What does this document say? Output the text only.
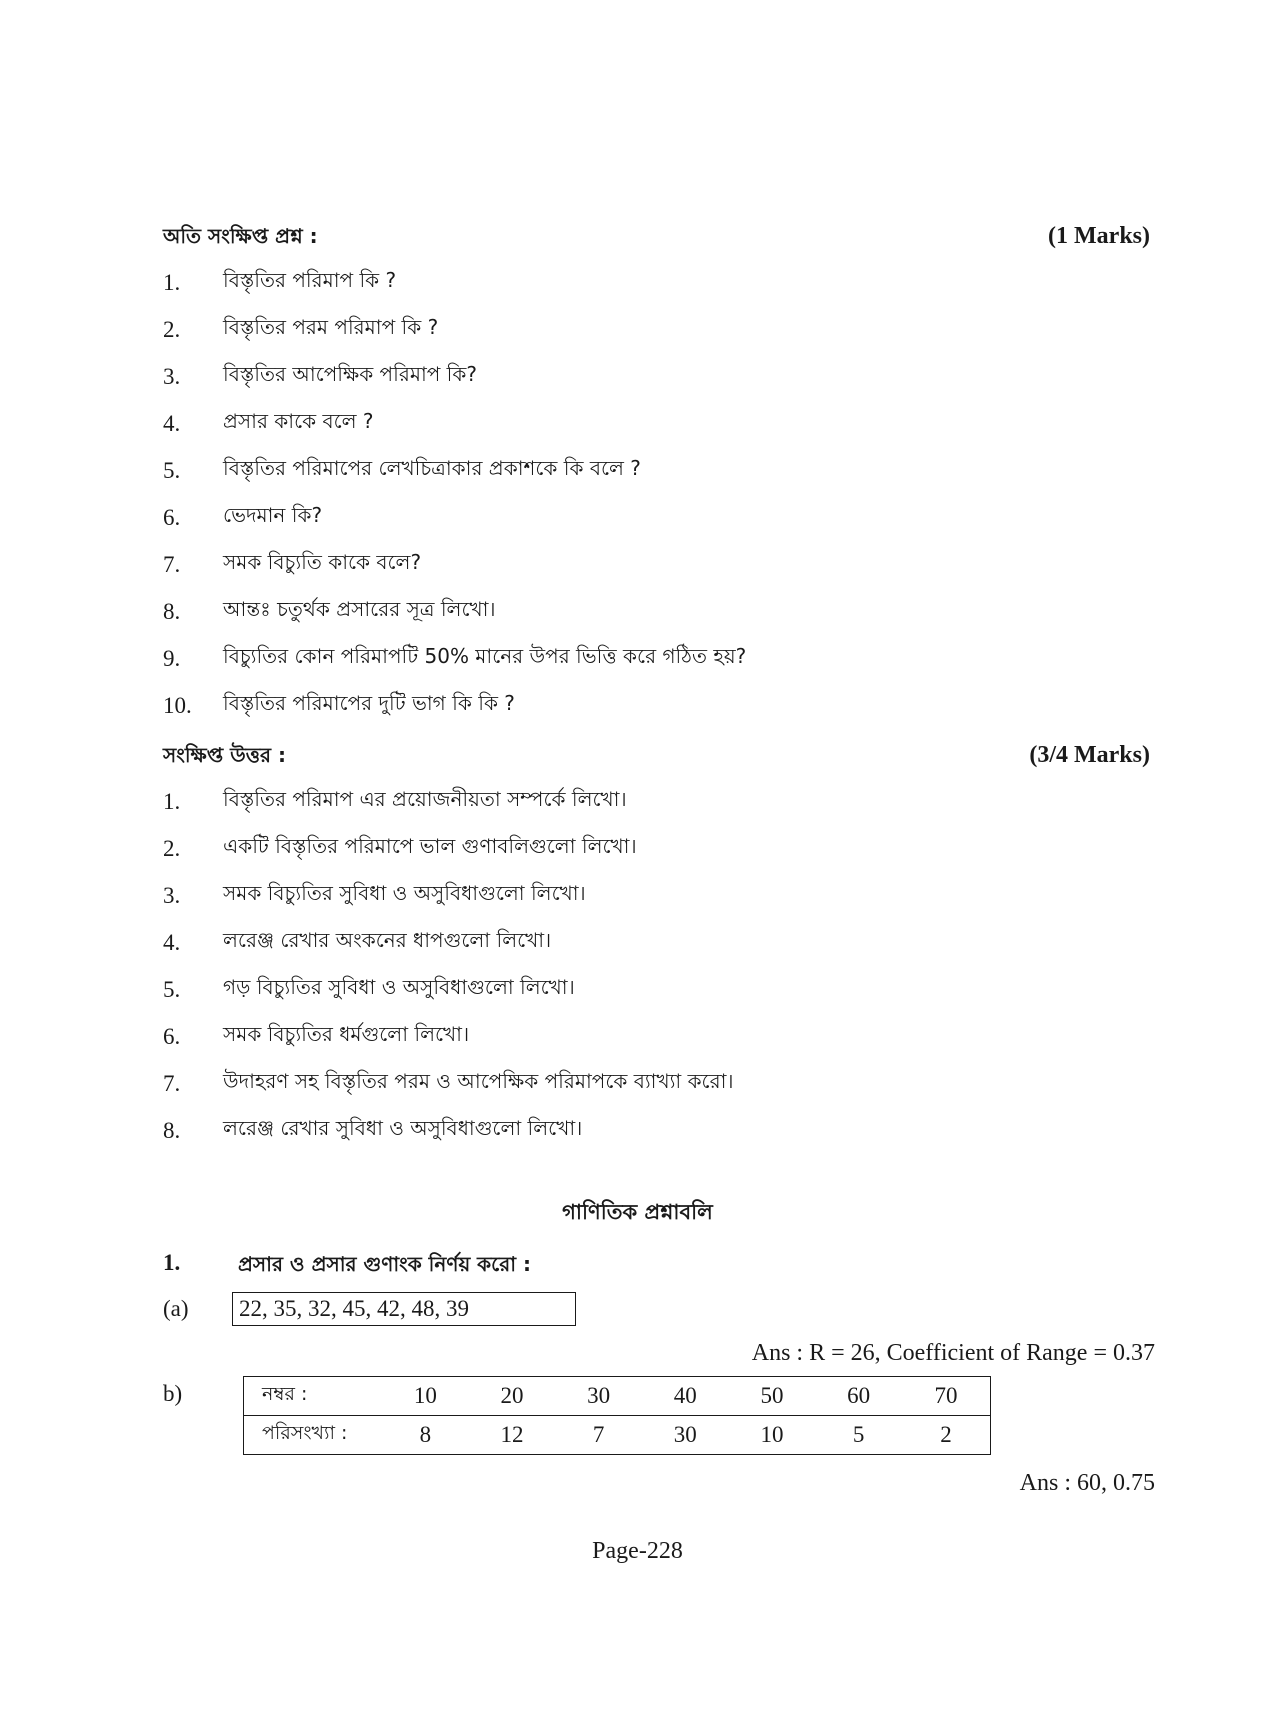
অতি সংক্ষিপ্ত প্রশ্ন :	(1 Marks)
1.	বিস্তৃতির পরিমাপ কি ?
2.	বিস্তৃতির পরম পরিমাপ কি ?
3.	বিস্তৃতির আপেক্ষিক পরিমাপ কি?
4.	প্রসার কাকে বলে ?
5.	বিস্তৃতির পরিমাপের লেখচিত্রাকার প্রকাশকে কি বলে ?
6.	ভেদমান কি?
7.	সমক বিচ্যুতি কাকে বলে?
8.	আন্তঃ চতুর্থক প্রসারের সূত্র লিখো।
9.	বিচ্যুতির কোন পরিমাপটি 50% মানের উপর ভিত্তি করে গঠিত হয়?
10.	বিস্তৃতির পরিমাপের দুটি ভাগ কি কি ?
সংক্ষিপ্ত উত্তর :	(3/4 Marks)
1.	বিস্তৃতির পরিমাপ এর প্রয়োজনীয়তা সম্পর্কে লিখো।
2.	একটি বিস্তৃতির পরিমাপে ভাল গুণাবলিগুলো লিখো।
3.	সমক বিচ্যুতির সুবিধা ও অসুবিধাগুলো লিখো।
4.	লরেঞ্জ রেখার অংকনের ধাপগুলো লিখো।
5.	গড় বিচ্যুতির সুবিধা ও অসুবিধাগুলো লিখো।
6.	সমক বিচ্যুতির ধর্মগুলো লিখো।
7.	উদাহরণ সহ বিস্তৃতির পরম ও আপেক্ষিক পরিমাপকে ব্যাখ্যা করো।
8.	লরেঞ্জ রেখার সুবিধা ও অসুবিধাগুলো লিখো।
গাণিতিক প্রশ্নাবলি
1.	প্রসার ও প্রসার গুণাংক নির্ণয় করো :
(a)	22, 35, 32, 45, 42, 48, 39
Ans : R = 26, Coefficient of Range = 0.37
b)	নম্বর :	10	20	30	40	50	60	70
পরিসংখ্যা :	8	12	7	30	10	5	2
Ans : 60, 0.75
Page-228
